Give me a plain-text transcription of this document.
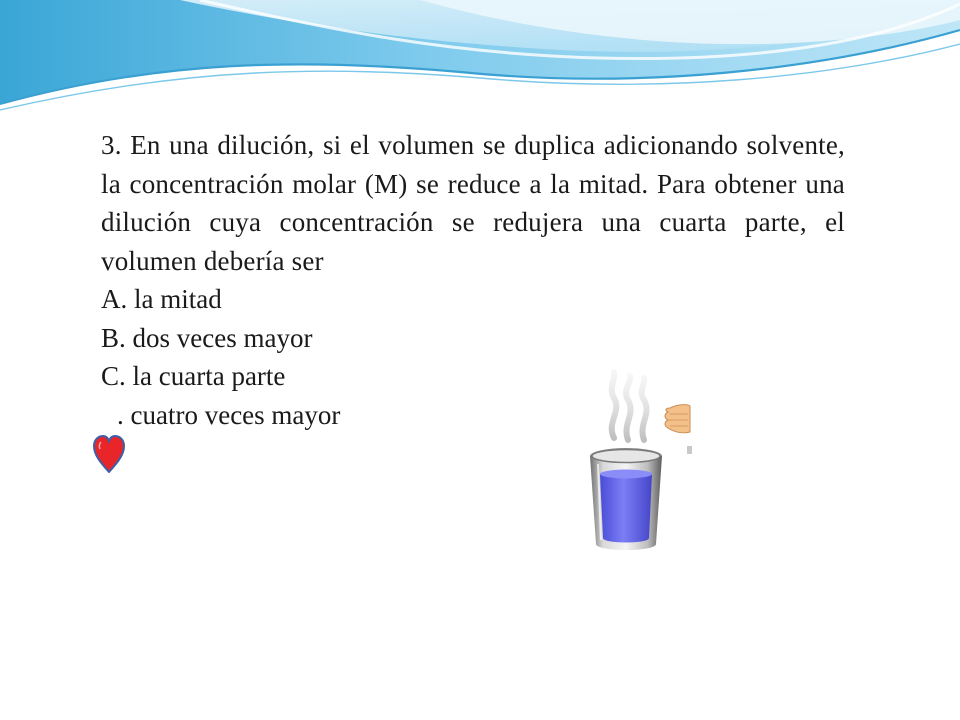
3. En una dilución, si el volumen se duplica adicionando solvente, la concentración molar (M) se reduce a la mitad. Para obtener una dilución cuya concentración se redujera una cuarta parte, el volumen debería ser

A. la mitad

B. dos veces mayor

C. la cuarta parte

. cuatro veces mayor
